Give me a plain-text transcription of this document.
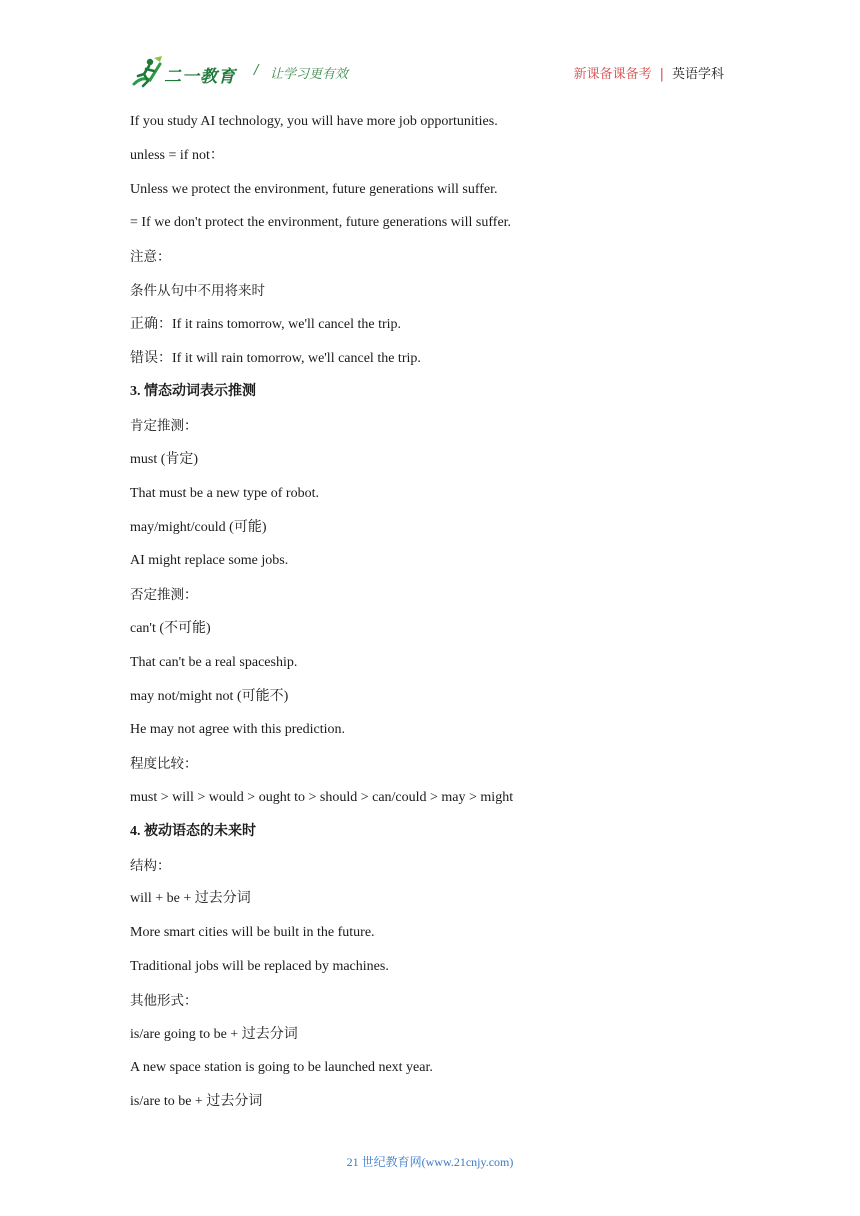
二一教育 / 让学习更有效	新课备课备考 | 英语学科
If you study AI technology, you will have more job opportunities.
unless = if not：
Unless we protect the environment, future generations will suffer.
= If we don't protect the environment, future generations will suffer.
注意：
条件从句中不用将来时
正确：If it rains tomorrow, we'll cancel the trip.
错误：If it will rain tomorrow, we'll cancel the trip.
3. 情态动词表示推测
肯定推测：
must (肯定)
That must be a new type of robot.
may/might/could (可能)
AI might replace some jobs.
否定推测：
can't (不可能)
That can't be a real spaceship.
may not/might not (可能不)
He may not agree with this prediction.
程度比较：
must > will > would > ought to > should > can/could > may > might
4. 被动语态的未来时
结构：
will + be + 过去分词
More smart cities will be built in the future.
Traditional jobs will be replaced by machines.
其他形式：
is/are going to be + 过去分词
A new space station is going to be launched next year.
is/are to be + 过去分词
21 世纪教育网(www.21cnjy.com)
